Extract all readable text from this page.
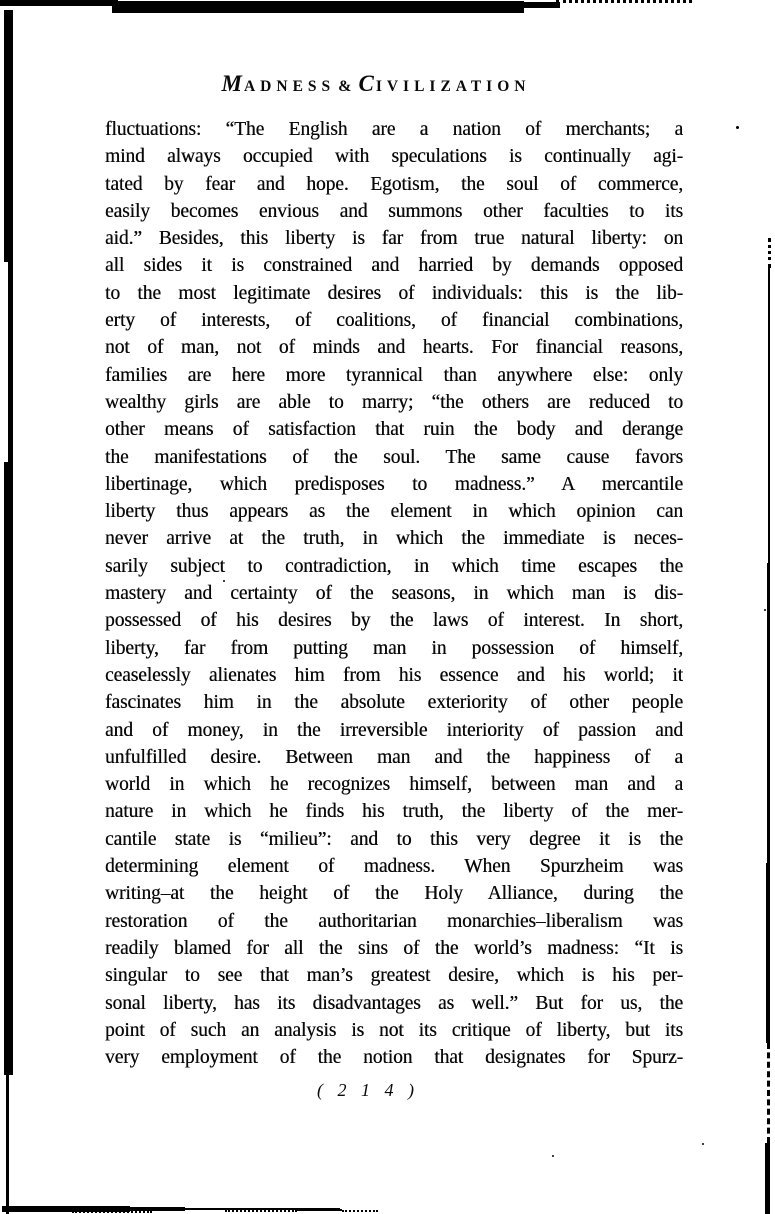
MADNESS & CIVILIZATION
fluctuations: “The English are a nation of merchants; a
mind always occupied with speculations is continually agi-
tated by fear and hope. Egotism, the soul of commerce,
easily becomes envious and summons other faculties to its
aid.” Besides, this liberty is far from true natural liberty: on
all sides it is constrained and harried by demands opposed
to the most legitimate desires of individuals: this is the lib-
erty of interests, of coalitions, of financial combinations,
not of man, not of minds and hearts. For financial reasons,
families are here more tyrannical than anywhere else: only
wealthy girls are able to marry; “the others are reduced to
other means of satisfaction that ruin the body and derange
the manifestations of the soul. The same cause favors
libertinage, which predisposes to madness.” A mercantile
liberty thus appears as the element in which opinion can
never arrive at the truth, in which the immediate is neces-
sarily subject to contradiction, in which time escapes the
mastery and certainty of the seasons, in which man is dis-
possessed of his desires by the laws of interest. In short,
liberty, far from putting man in possession of himself,
ceaselessly alienates him from his essence and his world; it
fascinates him in the absolute exteriority of other people
and of money, in the irreversible interiority of passion and
unfulfilled desire. Between man and the happiness of a
world in which he recognizes himself, between man and a
nature in which he finds his truth, the liberty of the mer-
cantile state is “milieu”: and to this very degree it is the
determining element of madness. When Spurzheim was
writing–at the height of the Holy Alliance, during the
restoration of the authoritarian monarchies–liberalism was
readily blamed for all the sins of the world’s madness: “It is
singular to see that man’s greatest desire, which is his per-
sonal liberty, has its disadvantages as well.” But for us, the
point of such an analysis is not its critique of liberty, but its
very employment of the notion that designates for Spurz-
( 2 1 4 )
